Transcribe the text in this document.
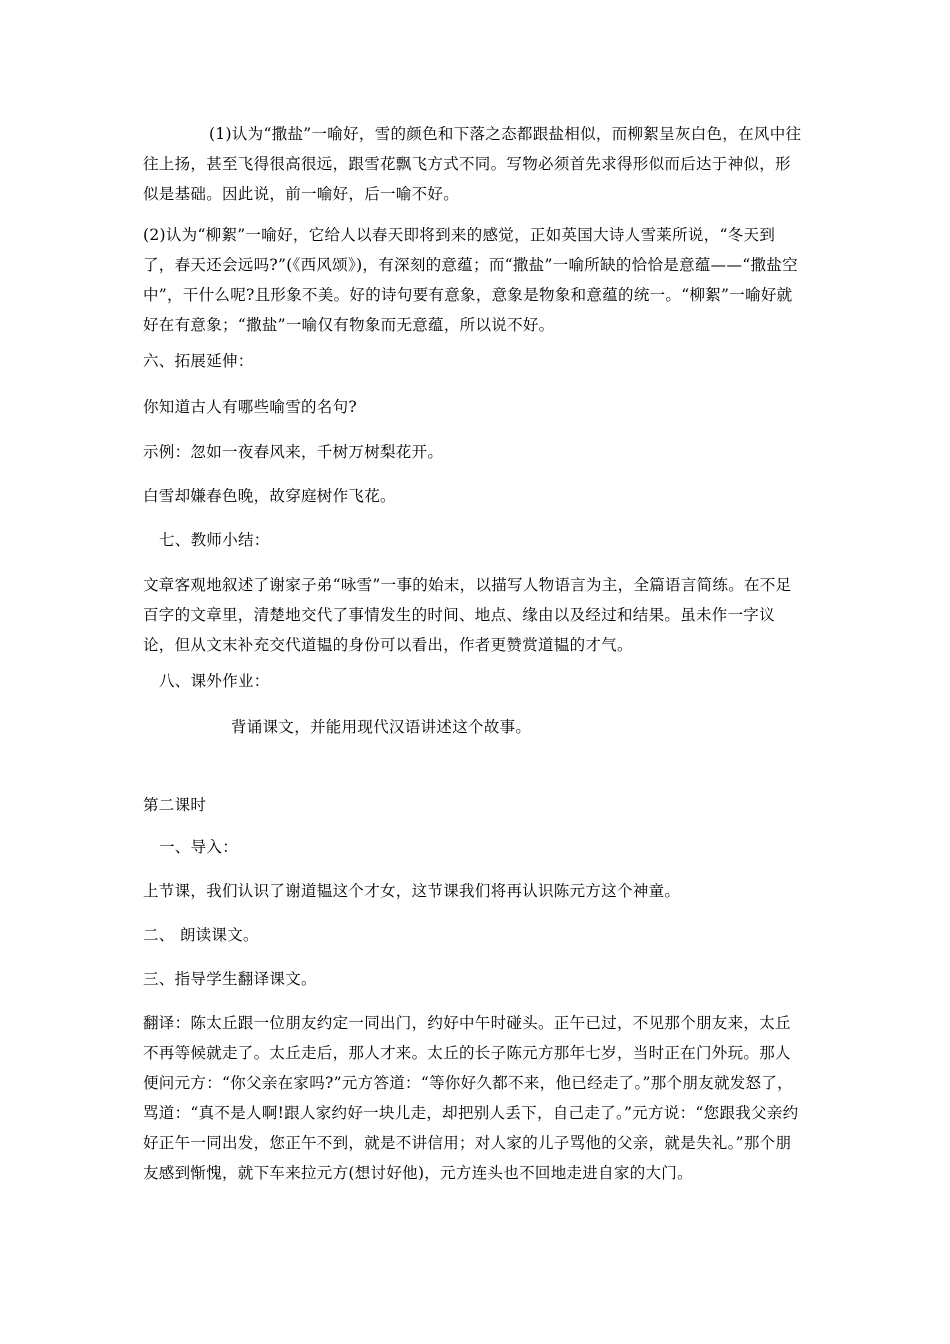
(1)认为“撒盐”一喻好，雪的颜色和下落之态都跟盐相似，而柳絮呈灰白色，在风中往往上扬，甚至飞得很高很远，跟雪花飘飞方式不同。写物必须首先求得形似而后达于神似，形似是基础。因此说，前一喻好，后一喻不好。

(2)认为“柳絮”一喻好，它给人以春天即将到来的感觉，正如英国大诗人雪莱所说，“冬天到了，春天还会远吗?”(《西风颂》)，有深刻的意蕴；而“撒盐”一喻所缺的恰恰是意蕴——“撒盐空中”，干什么呢?且形象不美。好的诗句要有意象，意象是物象和意蕴的统一。“柳絮”一喻好就好在有意象；“撒盐”一喻仅有物象而无意蕴，所以说不好。

六、拓展延伸：

你知道古人有哪些喻雪的名句?

示例：忽如一夜春风来，千树万树梨花开。

白雪却嫌春色晚，故穿庭树作飞花。

七、教师小结：

文章客观地叙述了谢家子弟“咏雪”一事的始末，以描写人物语言为主，全篇语言简练。在不足百字的文章里，清楚地交代了事情发生的时间、地点、缘由以及经过和结果。虽未作一字议论，但从文末补充交代道韫的身份可以看出，作者更赞赏道韫的才气。

八、课外作业：

背诵课文，并能用现代汉语讲述这个故事。

第二课时

一、导入：

上节课，我们认识了谢道韫这个才女，这节课我们将再认识陈元方这个神童。

二、 朗读课文。

三、指导学生翻译课文。

翻译：陈太丘跟一位朋友约定一同出门，约好中午时碰头。正午已过，不见那个朋友来，太丘不再等候就走了。太丘走后，那人才来。太丘的长子陈元方那年七岁，当时正在门外玩。那人便问元方：“你父亲在家吗?”元方答道：“等你好久都不来，他已经走了。”那个朋友就发怒了，骂道：“真不是人啊!跟人家约好一块儿走，却把别人丢下，自己走了。”元方说：“您跟我父亲约好正午一同出发，您正午不到，就是不讲信用；对人家的儿子骂他的父亲，就是失礼。”那个朋友感到惭愧，就下车来拉元方(想讨好他)，元方连头也不回地走进自家的大门。
